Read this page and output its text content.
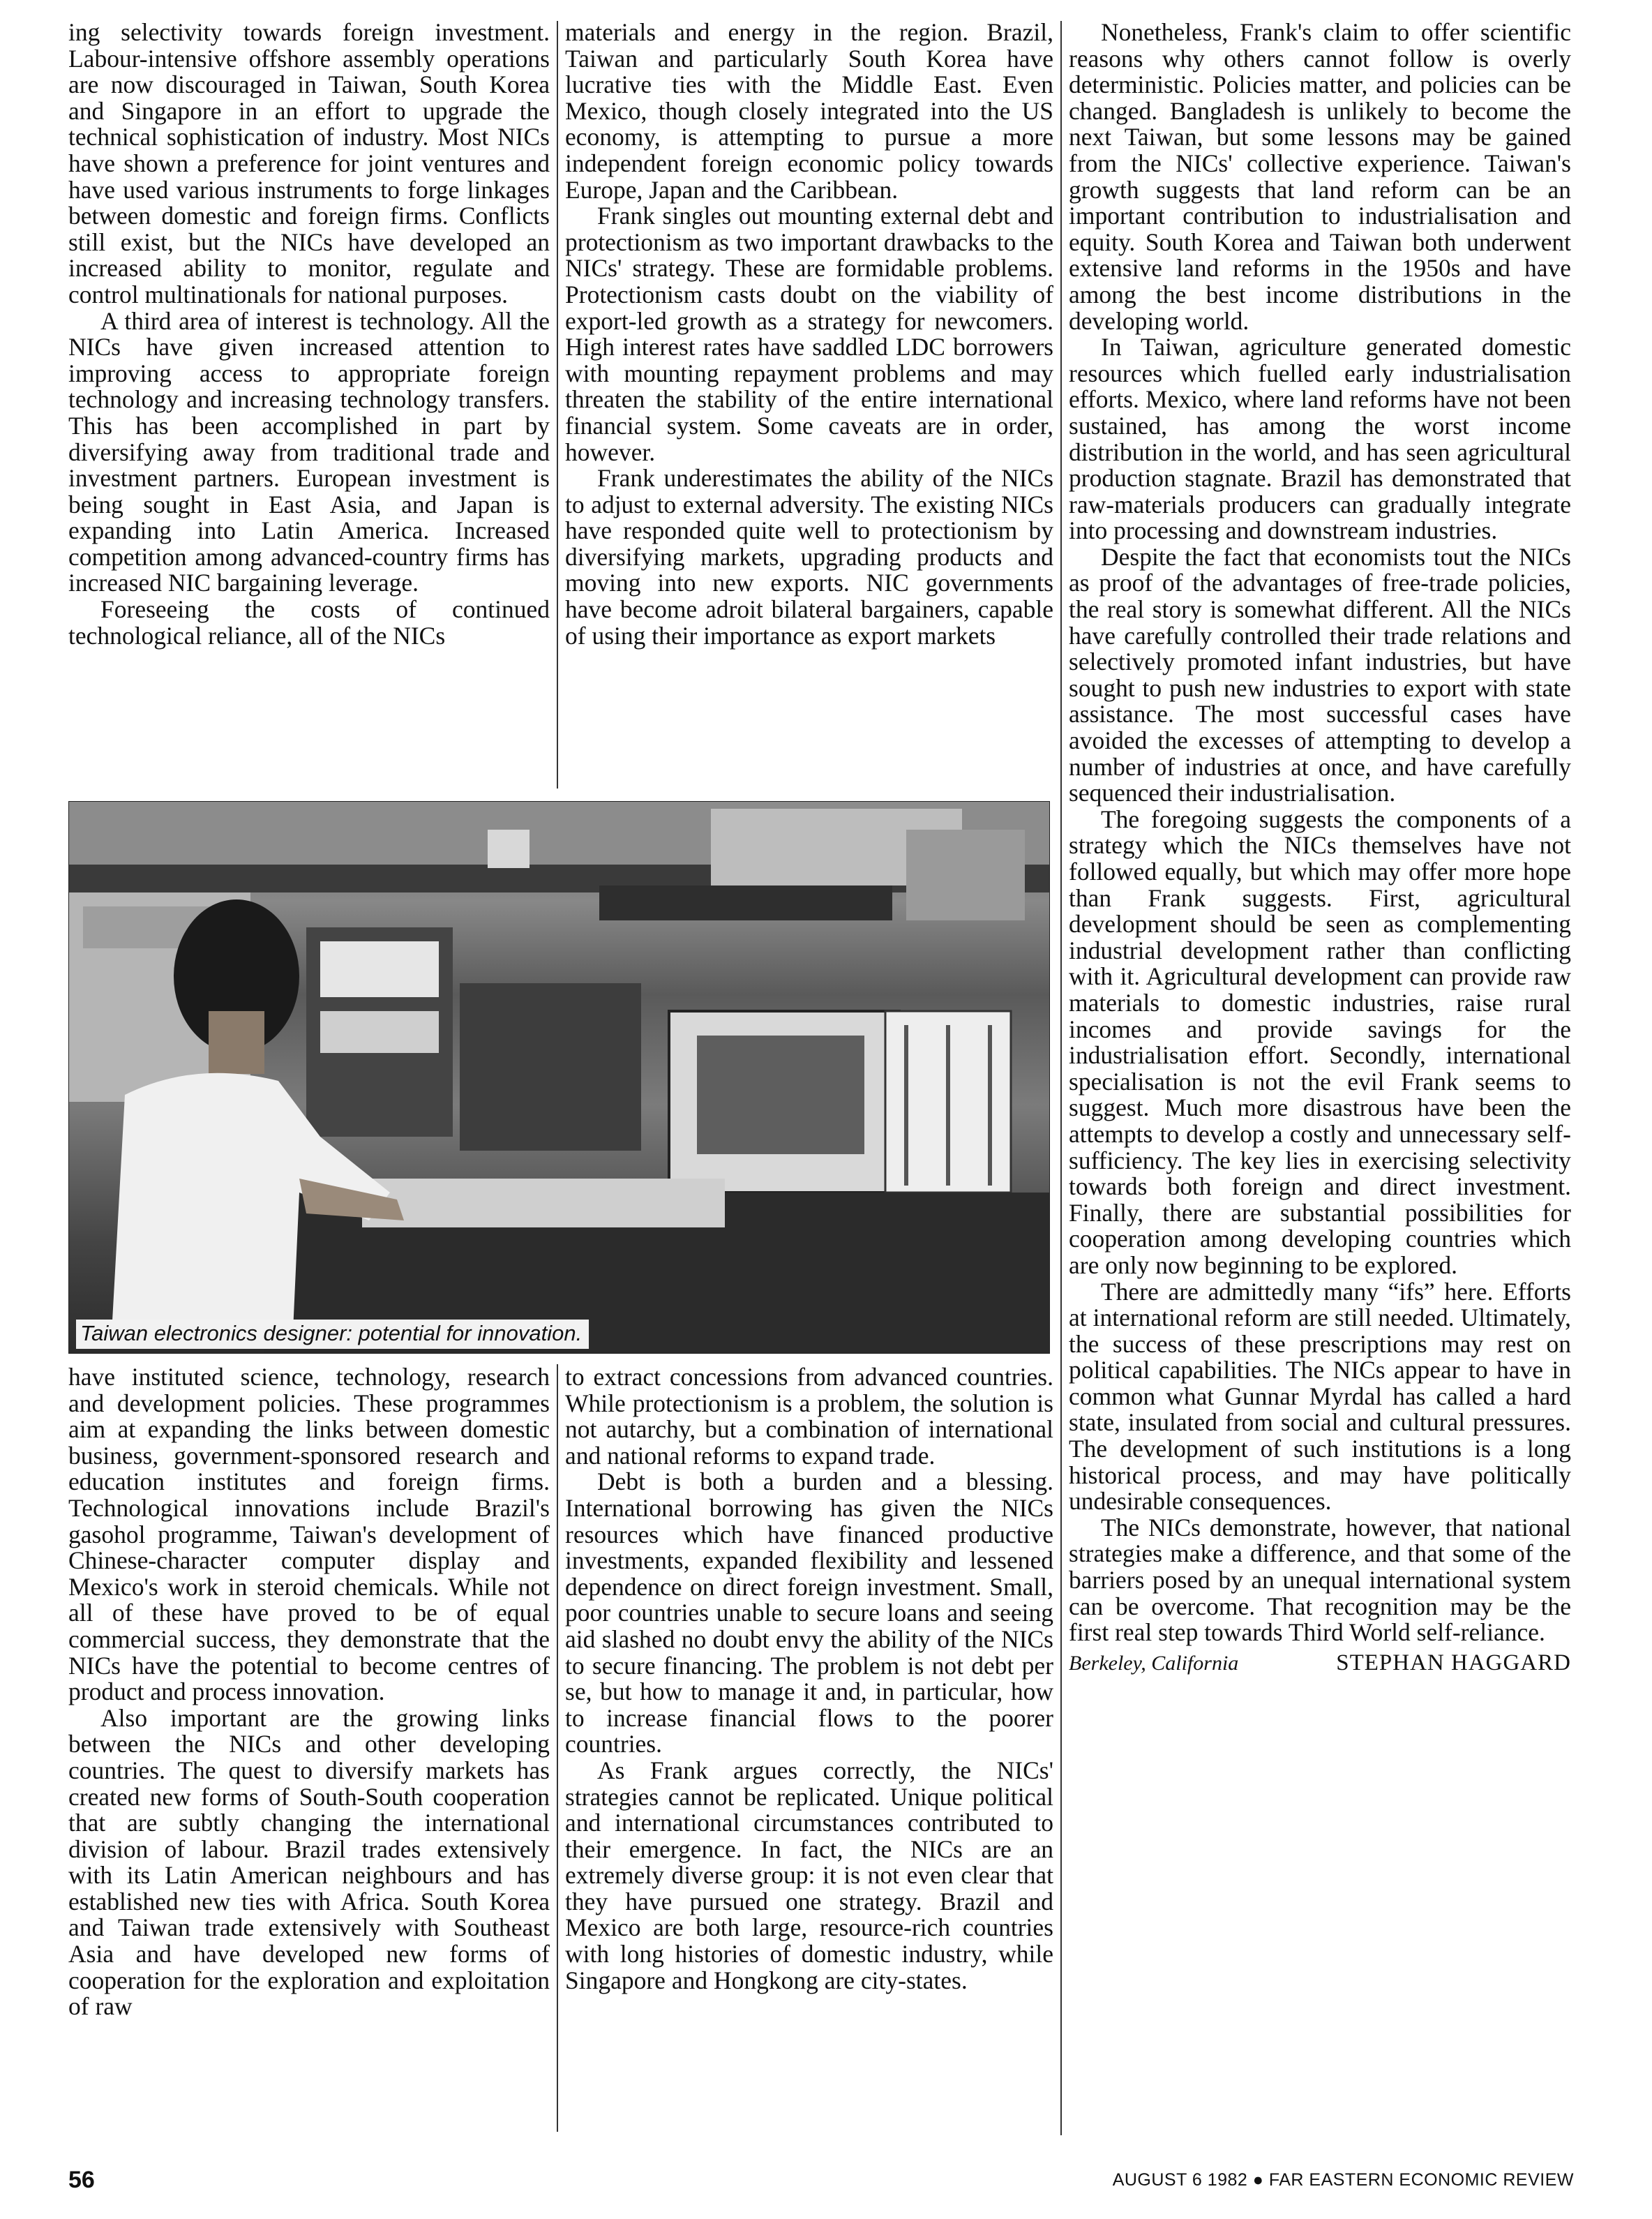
ing selectivity towards foreign investment. Labour-intensive offshore assembly operations are now discouraged in Taiwan, South Korea and Singapore in an effort to upgrade the technical sophistication of industry. Most NICs have shown a preference for joint ventures and have used various instruments to forge linkages between domestic and foreign firms. Conflicts still exist, but the NICs have developed an increased ability to monitor, regulate and control multinationals for national purposes.

A third area of interest is technology. All the NICs have given increased attention to improving access to appropriate foreign technology and increasing technology transfers. This has been accomplished in part by diversifying away from traditional trade and investment partners. European investment is being sought in East Asia, and Japan is expanding into Latin America. Increased competition among advanced-country firms has increased NIC bargaining leverage.

Foreseeing the costs of continued technological reliance, all of the NICs

materials and energy in the region. Brazil, Taiwan and particularly South Korea have lucrative ties with the Middle East. Even Mexico, though closely integrated into the US economy, is attempting to pursue a more independent foreign economic policy towards Europe, Japan and the Caribbean.

Frank singles out mounting external debt and protectionism as two important drawbacks to the NICs' strategy. These are formidable problems. Protectionism casts doubt on the viability of export-led growth as a strategy for newcomers. High interest rates have saddled LDC borrowers with mounting repayment problems and may threaten the stability of the entire international financial system. Some caveats are in order, however.

Frank underestimates the ability of the NICs to adjust to external adversity. The existing NICs have responded quite well to protectionism by diversifying markets, upgrading products and moving into new exports. NIC governments have become adroit bilateral bargainers, capable of using their importance as export markets

Nonetheless, Frank's claim to offer scientific reasons why others cannot follow is overly deterministic. Policies matter, and policies can be changed. Bangladesh is unlikely to become the next Taiwan, but some lessons may be gained from the NICs' collective experience. Taiwan's growth suggests that land reform can be an important contribution to industrialisation and equity. South Korea and Taiwan both underwent extensive land reforms in the 1950s and have among the best income distributions in the developing world.

In Taiwan, agriculture generated domestic resources which fuelled early industrialisation efforts. Mexico, where land reforms have not been sustained, has among the worst income distribution in the world, and has seen agricultural production stagnate. Brazil has demonstrated that raw-materials producers can gradually integrate into processing and downstream industries.

Despite the fact that economists tout the NICs as proof of the advantages of free-trade policies, the real story is somewhat different. All the NICs have carefully controlled their trade relations and selectively promoted infant industries, but have sought to push new industries to export with state assistance. The most successful cases have avoided the excesses of attempting to develop a number of industries at once, and have carefully sequenced their industrialisation.

The foregoing suggests the components of a strategy which the NICs themselves have not followed equally, but which may offer more hope than Frank suggests. First, agricultural development should be seen as complementing industrial development rather than conflicting with it. Agricultural development can provide raw materials to domestic industries, raise rural incomes and provide savings for the industrialisation effort. Secondly, international specialisation is not the evil Frank seems to suggest. Much more disastrous have been the attempts to develop a costly and unnecessary self-sufficiency. The key lies in exercising selectivity towards both foreign and direct investment. Finally, there are substantial possibilities for cooperation among developing countries which are only now beginning to be explored.

There are admittedly many “ifs” here. Efforts at international reform are still needed. Ultimately, the success of these prescriptions may rest on political capabilities. The NICs appear to have in common what Gunnar Myrdal has called a hard state, insulated from social and cultural pressures. The development of such institutions is a long historical process, and may have politically undesirable consequences.

The NICs demonstrate, however, that national strategies make a difference, and that some of the barriers posed by an unequal international system can be overcome. That recognition may be the first real step towards Third World self-reliance.

Berkeley, California	STEPHAN HAGGARD
Taiwan electronics designer: potential for innovation.

have instituted science, technology, research and development policies. These programmes aim at expanding the links between domestic business, government-sponsored research and education institutes and foreign firms. Technological innovations include Brazil's gasohol programme, Taiwan's development of Chinese-character computer display and Mexico's work in steroid chemicals. While not all of these have proved to be of equal commercial success, they demonstrate that the NICs have the potential to become centres of product and process innovation.

Also important are the growing links between the NICs and other developing countries. The quest to diversify markets has created new forms of South-South cooperation that are subtly changing the international division of labour. Brazil trades extensively with its Latin American neighbours and has established new ties with Africa. South Korea and Taiwan trade extensively with Southeast Asia and have developed new forms of cooperation for the exploration and exploitation of raw

to extract concessions from advanced countries. While protectionism is a problem, the solution is not autarchy, but a combination of international and national reforms to expand trade.

Debt is both a burden and a blessing. International borrowing has given the NICs resources which have financed productive investments, expanded flexibility and lessened dependence on direct foreign investment. Small, poor countries unable to secure loans and seeing aid slashed no doubt envy the ability of the NICs to secure financing. The problem is not debt per se, but how to manage it and, in particular, how to increase financial flows to the poorer countries.

As Frank argues correctly, the NICs' strategies cannot be replicated. Unique political and international circumstances contributed to their emergence. In fact, the NICs are an extremely diverse group: it is not even clear that they have pursued one strategy. Brazil and Mexico are both large, resource-rich countries with long histories of domestic industry, while Singapore and Hongkong are city-states.

56	AUGUST 6 1982 ● FAR EASTERN ECONOMIC REVIEW
